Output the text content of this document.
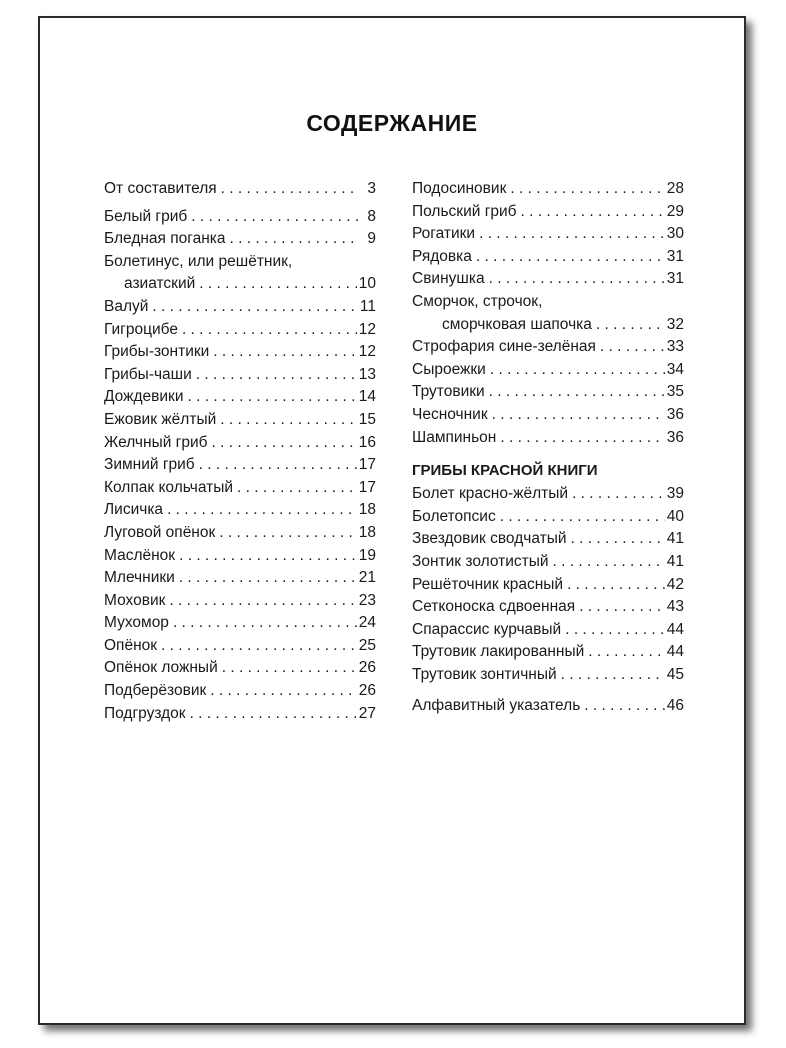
СОДЕРЖАНИЕ
От составителя . . .	3
Белый гриб . . .	8
Бледная поганка . . .	9
Болетинус, или решётник,
азиатский . . .	10
Валуй . . .	11
Гигроцибе . . .	12
Грибы-зонтики . . .	12
Грибы-чаши . . .	13
Дождевики . . .	14
Ежовик жёлтый . . .	15
Желчный гриб . . .	16
Зимний гриб . . .	17
Колпак кольчатый . . .	17
Лисичка . . .	18
Луговой опёнок . . .	18
Маслёнок . . .	19
Млечники . . .	21
Моховик . . .	23
Мухомор . . .	24
Опёнок . . .	25
Опёнок ложный . . .	26
Подберёзовик . . .	26
Подгруздок . . .	27
Подосиновик . . .	28
Польский гриб . . .	29
Рогатики . . .	30
Рядовка . . .	31
Свинушка . . .	31
Сморчок, строчок,
сморчковая шапочка . . .	32
Строфария сине-зелёная . . .	33
Сыроежки . . .	34
Трутовики . . .	35
Чесночник . . .	36
Шампиньон . . .	36
ГРИБЫ КРАСНОЙ КНИГИ
Болет красно-жёлтый . . .	39
Болетопсис . . .	40
Звездовик сводчатый . . .	41
Зонтик золотистый . . .	41
Решёточник красный . . .	42
Сетконоска сдвоенная . . .	43
Спарассис курчавый . . .	44
Трутовик лакированный . . .	44
Трутовик зонтичный . . .	45
Алфавитный указатель . . .	46
